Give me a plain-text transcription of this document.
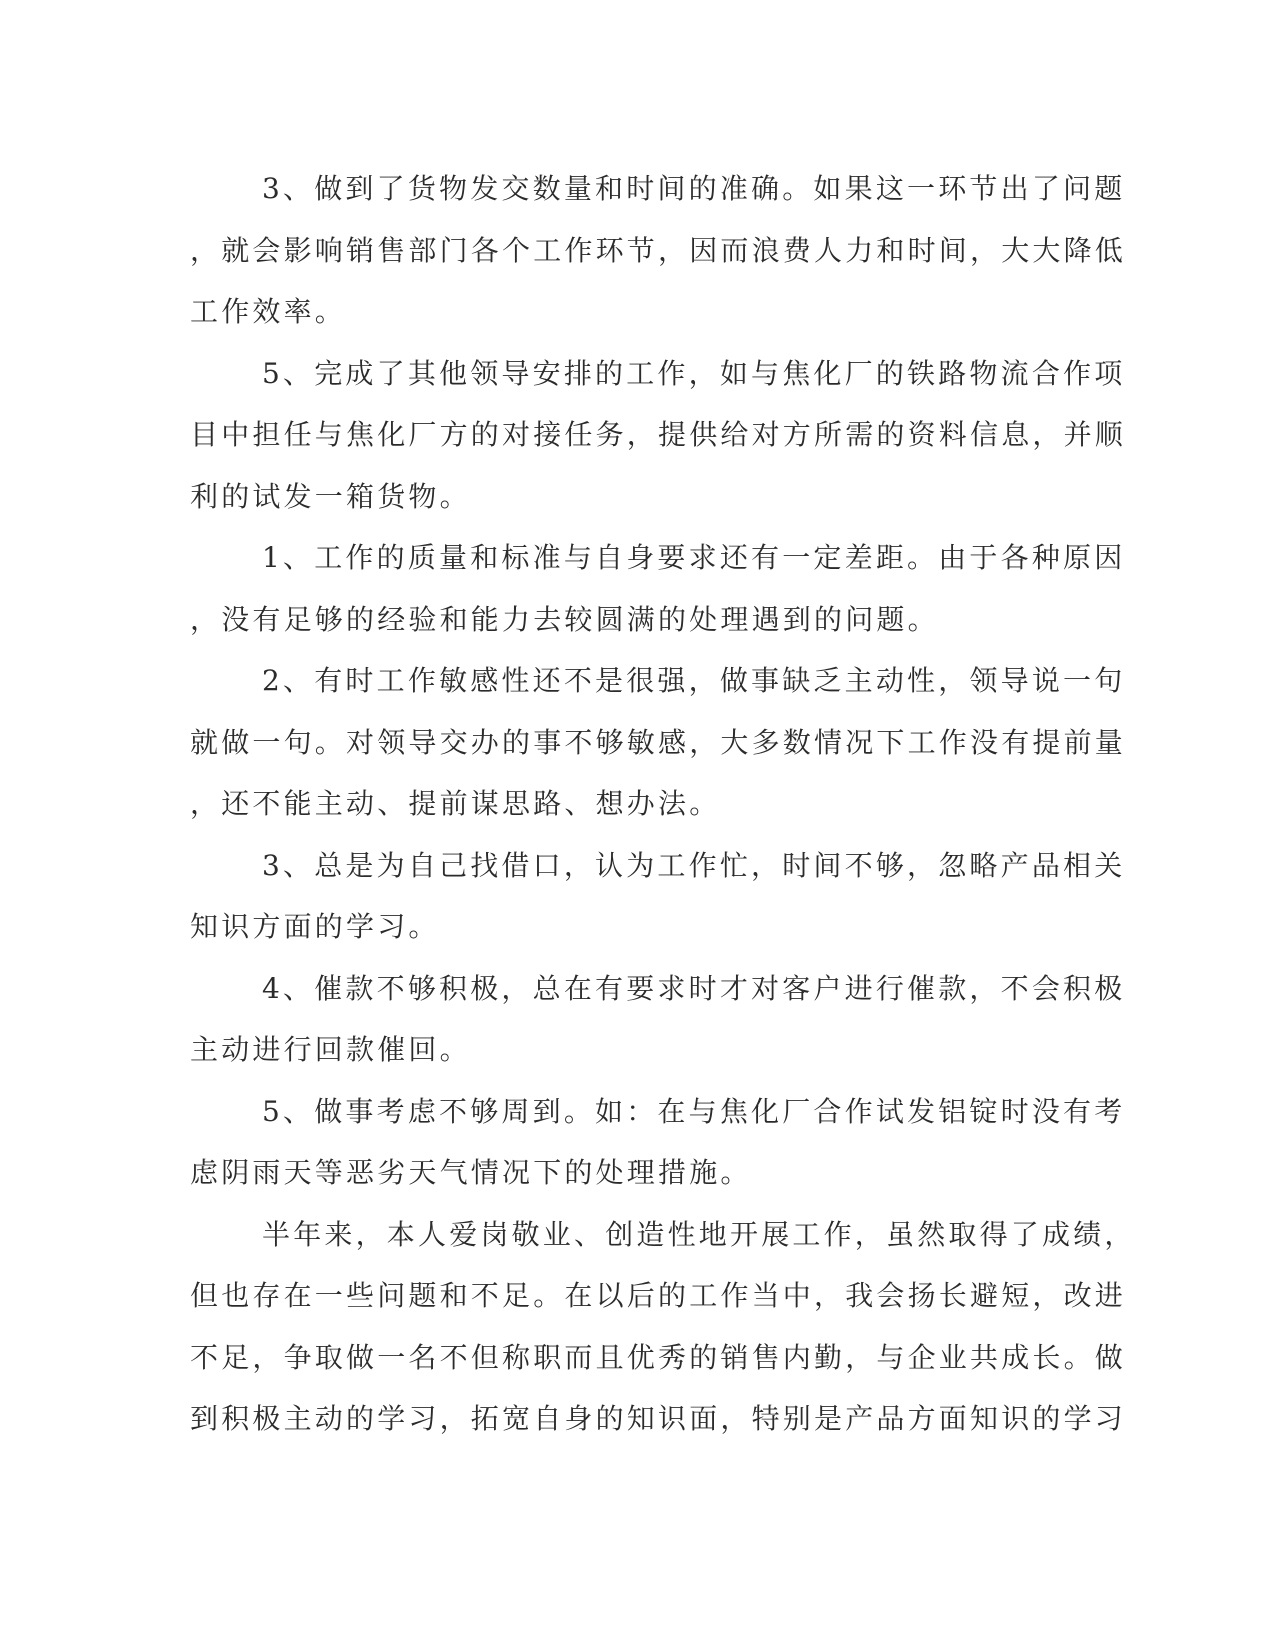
3、做到了货物发交数量和时间的准确。如果这一环节出了问题
，就会影响销售部门各个工作环节，因而浪费人力和时间，大大降低
工作效率。

5、完成了其他领导安排的工作，如与焦化厂的铁路物流合作项
目中担任与焦化厂方的对接任务，提供给对方所需的资料信息，并顺
利的试发一箱货物。

1、工作的质量和标准与自身要求还有一定差距。由于各种原因
，没有足够的经验和能力去较圆满的处理遇到的问题。

2、有时工作敏感性还不是很强，做事缺乏主动性，领导说一句
就做一句。对领导交办的事不够敏感，大多数情况下工作没有提前量
，还不能主动、提前谋思路、想办法。

3、总是为自己找借口，认为工作忙，时间不够，忽略产品相关
知识方面的学习。

4、催款不够积极，总在有要求时才对客户进行催款，不会积极
主动进行回款催回。

5、做事考虑不够周到。如：在与焦化厂合作试发铝锭时没有考
虑阴雨天等恶劣天气情况下的处理措施。

半年来，本人爱岗敬业、创造性地开展工作，虽然取得了成绩，
但也存在一些问题和不足。在以后的工作当中，我会扬长避短，改进
不足，争取做一名不但称职而且优秀的销售内勤，与企业共成长。做
到积极主动的学习，拓宽自身的知识面，特别是产品方面知识的学习
